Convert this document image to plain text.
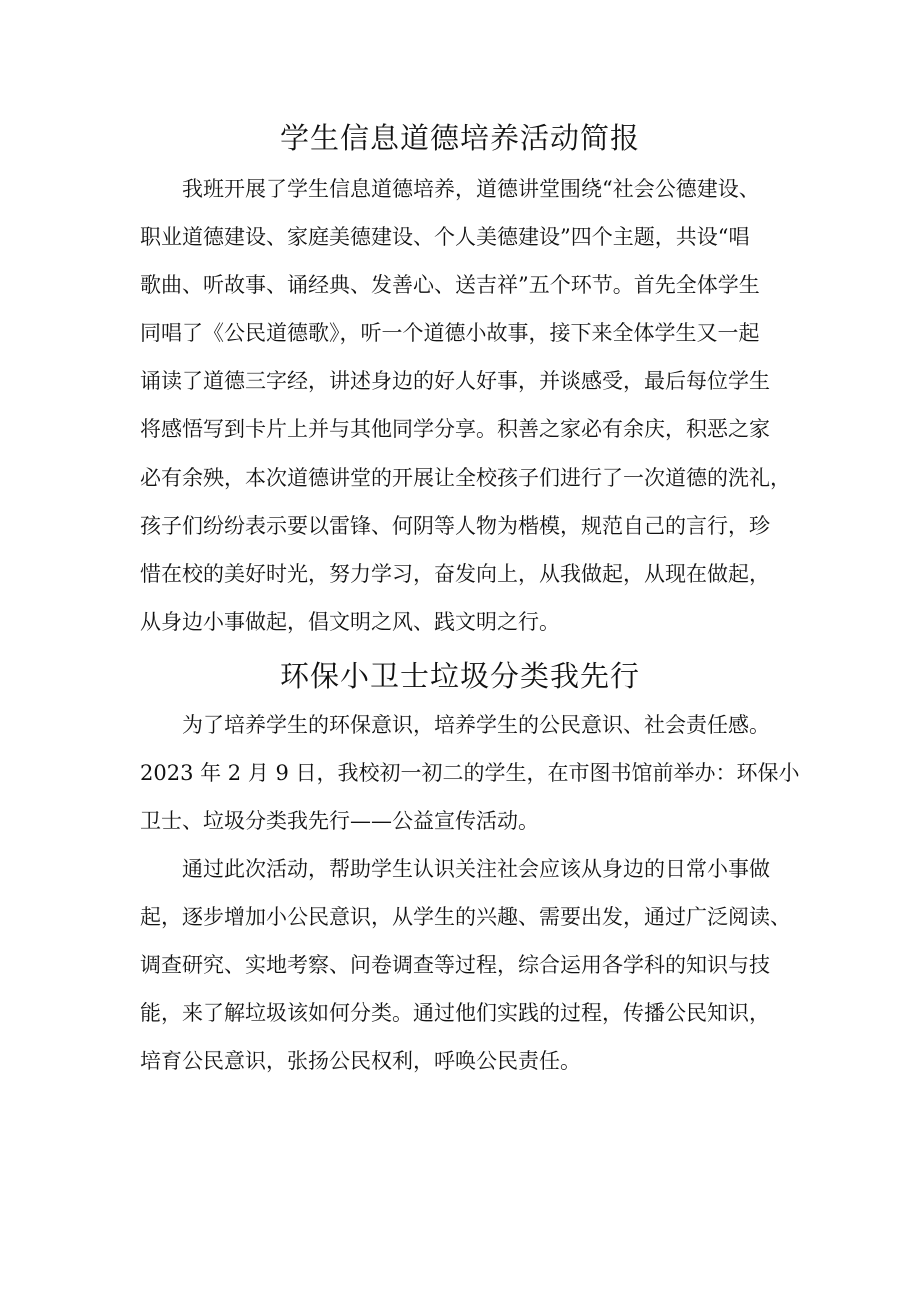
学生信息道德培养活动简报
我班开展了学生信息道德培养，道德讲堂围绕“社会公德建设、
职业道德建设、家庭美德建设、个人美德建设”四个主题，共设“唱
歌曲、听故事、诵经典、发善心、送吉祥”五个环节。首先全体学生
同唱了《公民道德歌》，听一个道德小故事，接下来全体学生又一起
诵读了道德三字经，讲述身边的好人好事，并谈感受，最后每位学生
将感悟写到卡片上并与其他同学分享。积善之家必有余庆，积恶之家
必有余殃，本次道德讲堂的开展让全校孩子们进行了一次道德的洗礼，
孩子们纷纷表示要以雷锋、何阴等人物为楷模，规范自己的言行，珍
惜在校的美好时光，努力学习，奋发向上，从我做起，从现在做起，
从身边小事做起，倡文明之风、践文明之行。
环保小卫士垃圾分类我先行
为了培养学生的环保意识，培养学生的公民意识、社会责任感。
2023 年 2 月 9 日，我校初一初二的学生，在市图书馆前举办：环保小
卫士、垃圾分类我先行——公益宣传活动。
通过此次活动，帮助学生认识关注社会应该从身边的日常小事做
起，逐步增加小公民意识，从学生的兴趣、需要出发，通过广泛阅读、
调查研究、实地考察、问卷调查等过程，综合运用各学科的知识与技
能，来了解垃圾该如何分类。通过他们实践的过程，传播公民知识，
培育公民意识，张扬公民权利，呼唤公民责任。
